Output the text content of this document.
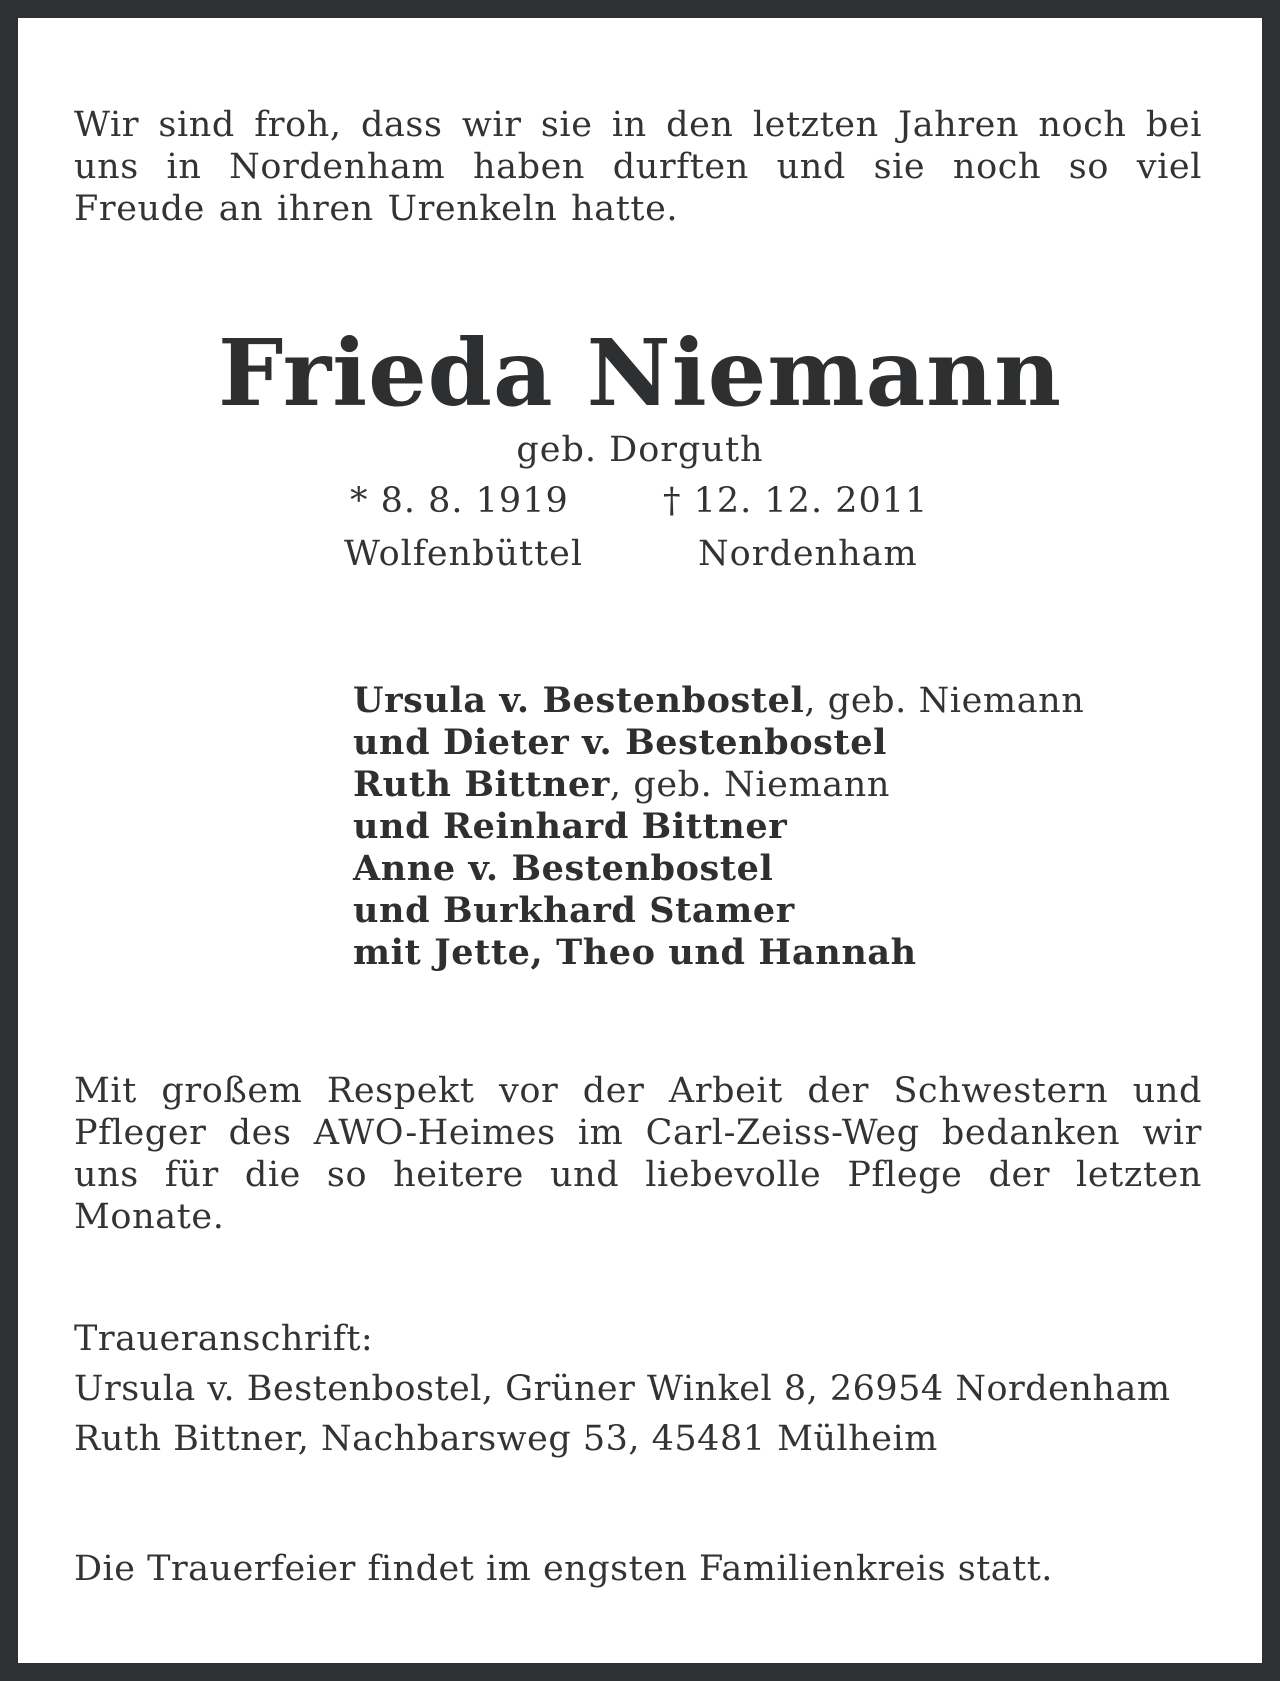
Wir sind froh, dass wir sie in den letzten Jahren noch bei uns in Nordenham haben durften und sie noch so viel Freude an ihren Urenkeln hatte.

Frieda Niemann
geb. Dorguth
* 8. 8. 1919	† 12. 12. 2011
Wolfenbüttel	Nordenham
Ursula v. Bestenbostel, geb. Niemann
und Dieter v. Bestenbostel
Ruth Bittner, geb. Niemann
und Reinhard Bittner
Anne v. Bestenbostel
und Burkhard Stamer
mit Jette, Theo und Hannah

Mit großem Respekt vor der Arbeit der Schwestern und Pfleger des AWO-Heimes im Carl-Zeiss-Weg bedanken wir uns für die so heitere und liebevolle Pflege der letzten Monate.

Traueranschrift:
Ursula v. Bestenbostel, Grüner Winkel 8, 26954 Nordenham
Ruth Bittner, Nachbarsweg 53, 45481 Mülheim
Die Trauerfeier findet im engsten Familienkreis statt.
